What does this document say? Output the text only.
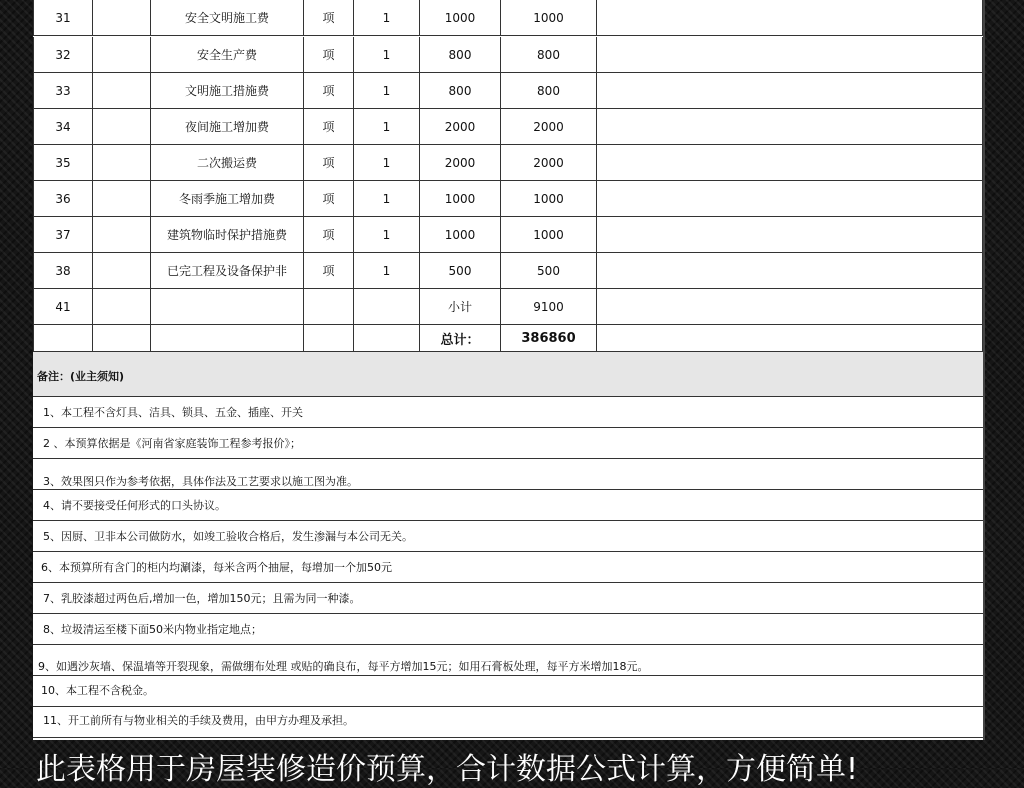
31	安全文明施工费	项	1	1000	1000
32	安全生产费	项	1	800	800
33	文明施工措施费	项	1	800	800
34	夜间施工增加费	项	1	2000	2000
35	二次搬运费	项	1	2000	2000
36	冬雨季施工增加费	项	1	1000	1000
37	建筑物临时保护措施费	项	1	1000	1000
38	已完工程及设备保护非	项	1	500	500
41	小计	9100
总计：	386860
备注：(业主须知)
1、本工程不含灯具、洁具、锁具、五金、插座、开关
2 、本预算依据是《河南省家庭装饰工程参考报价》；
3、效果图只作为参考依据，具体作法及工艺要求以施工图为准。
4、请不要接受任何形式的口头协议。
5、因厨、卫非本公司做防水，如竣工验收合格后，发生渗漏与本公司无关。
6、本预算所有含门的柜内均涮漆，每米含两个抽屉，每增加一个加50元
7、乳胶漆超过两色后,增加一色，增加150元；且需为同一种漆。
8、垃圾清运至楼下面50米内物业指定地点；
9、如遇沙灰墙、保温墙等开裂现象，需做绷布处理 或贴的确良布，每平方增加15元；如用石膏板处理，每平方米增加18元。
10、本工程不含税金。
11、开工前所有与物业相关的手续及费用，由甲方办理及承担。
此表格用于房屋装修造价预算，合计数据公式计算，方便简单!
